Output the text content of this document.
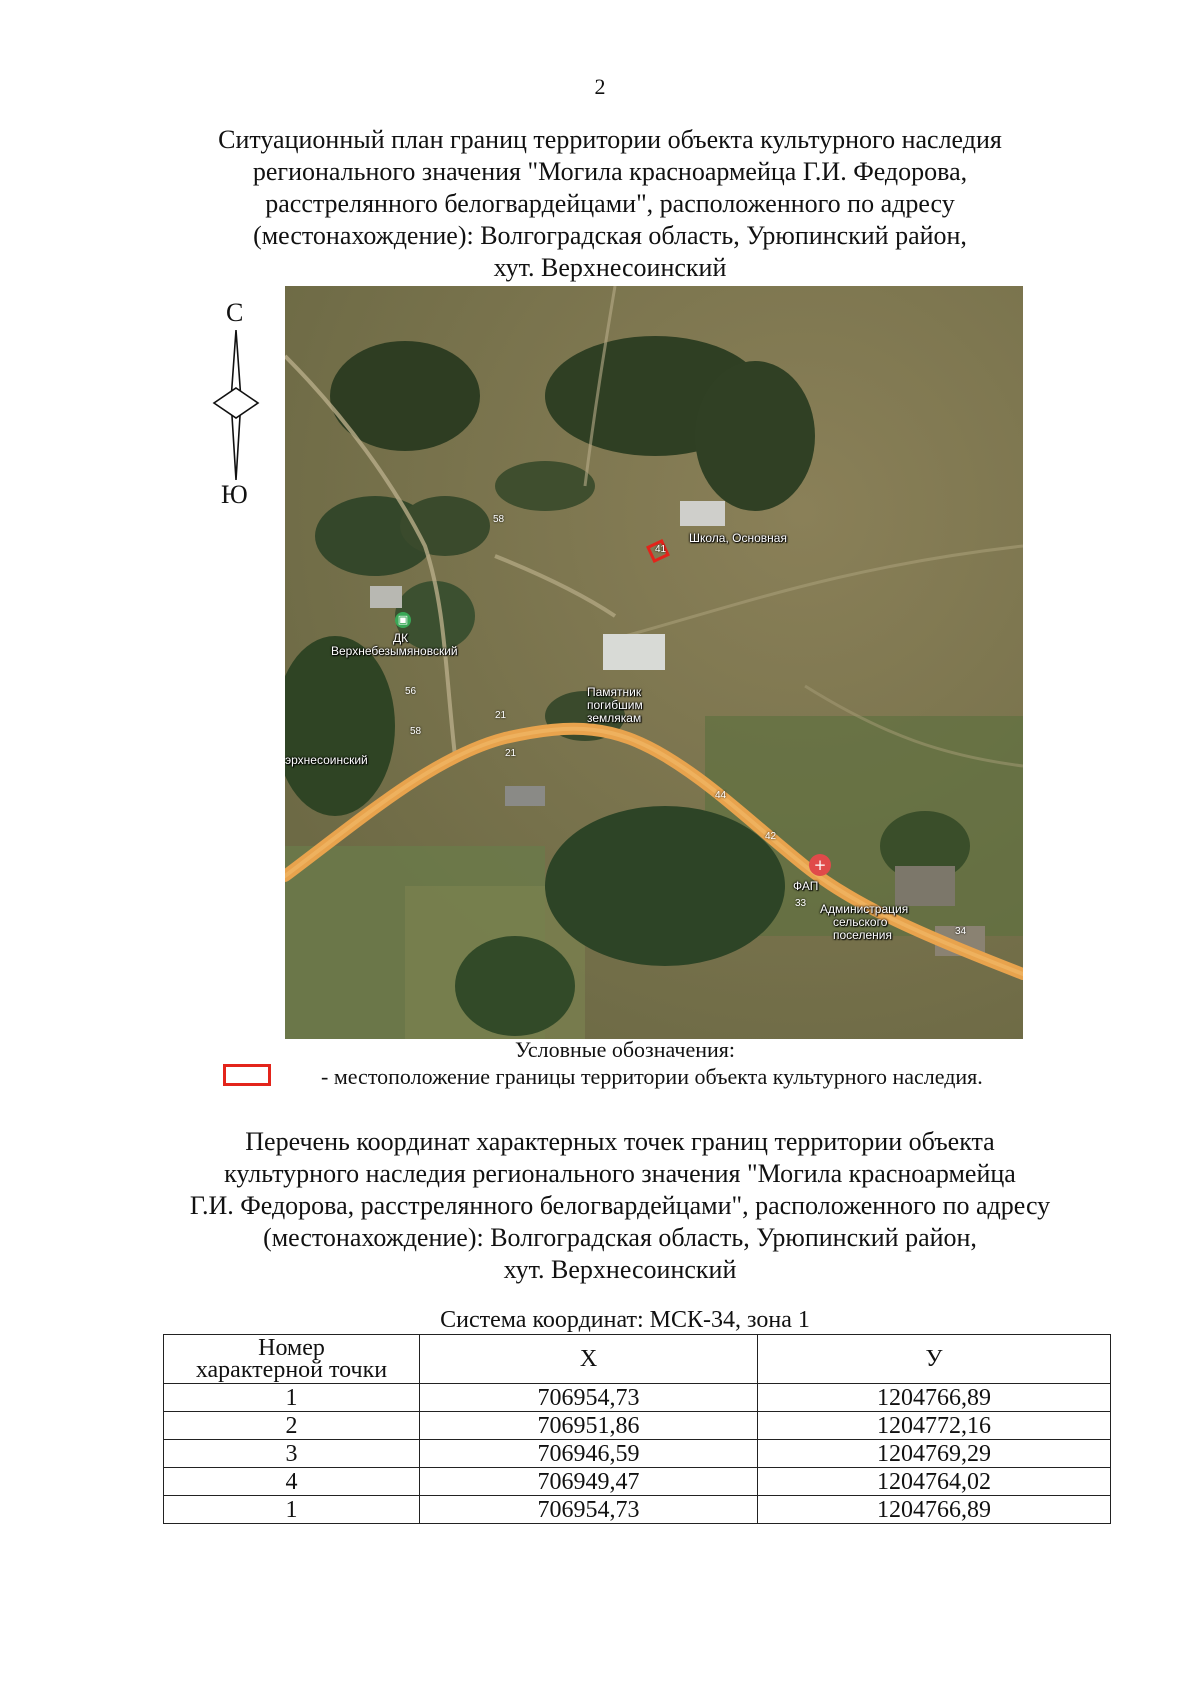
2
Ситуационный план границ территории объекта культурного наследия
регионального значения "Могила красноармейца Г.И. Федорова,
расстрелянного белогвардейцами", расположенного по адресу
(местонахождение): Волгоградская область, Урюпинский район,
хут. Верхнесоинский
С
Ю
Школа, Основная
▣
ДК
Верхнебезымяновский
Памятник
погибшим
землякам
эрхнесоинский
+
ФАП
Администрация
сельского
поселения
58
41
56
58
21
44
42
33
34
21
Условные обозначения:
- местоположение границы территории объекта культурного наследия.
Перечень координат характерных точек границ территории объекта
культурного наследия регионального значения "Могила красноармейца
Г.И. Федорова, расстрелянного белогвардейцами", расположенного по адресу
(местонахождение): Волгоградская область, Урюпинский район,
хут. Верхнесоинский
Система координат: МСК-34, зона 1
Номер
характерной точки	X	У
1	706954,73	1204766,89
2	706951,86	1204772,16
3	706946,59	1204769,29
4	706949,47	1204764,02
1	706954,73	1204766,89
